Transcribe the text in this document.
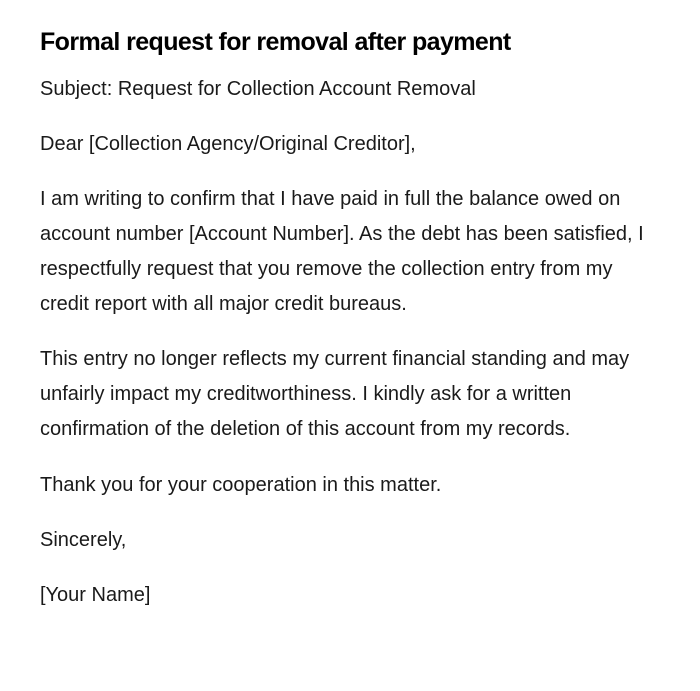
Formal request for removal after payment

Subject: Request for Collection Account Removal

Dear [Collection Agency/Original Creditor],

I am writing to confirm that I have paid in full the balance owed on account number [Account Number]. As the debt has been satisfied, I respectfully request that you remove the collection entry from my credit report with all major credit bureaus.

This entry no longer reflects my current financial standing and may unfairly impact my creditworthiness. I kindly ask for a written confirmation of the deletion of this account from my records.

Thank you for your cooperation in this matter.

Sincerely,

[Your Name]
